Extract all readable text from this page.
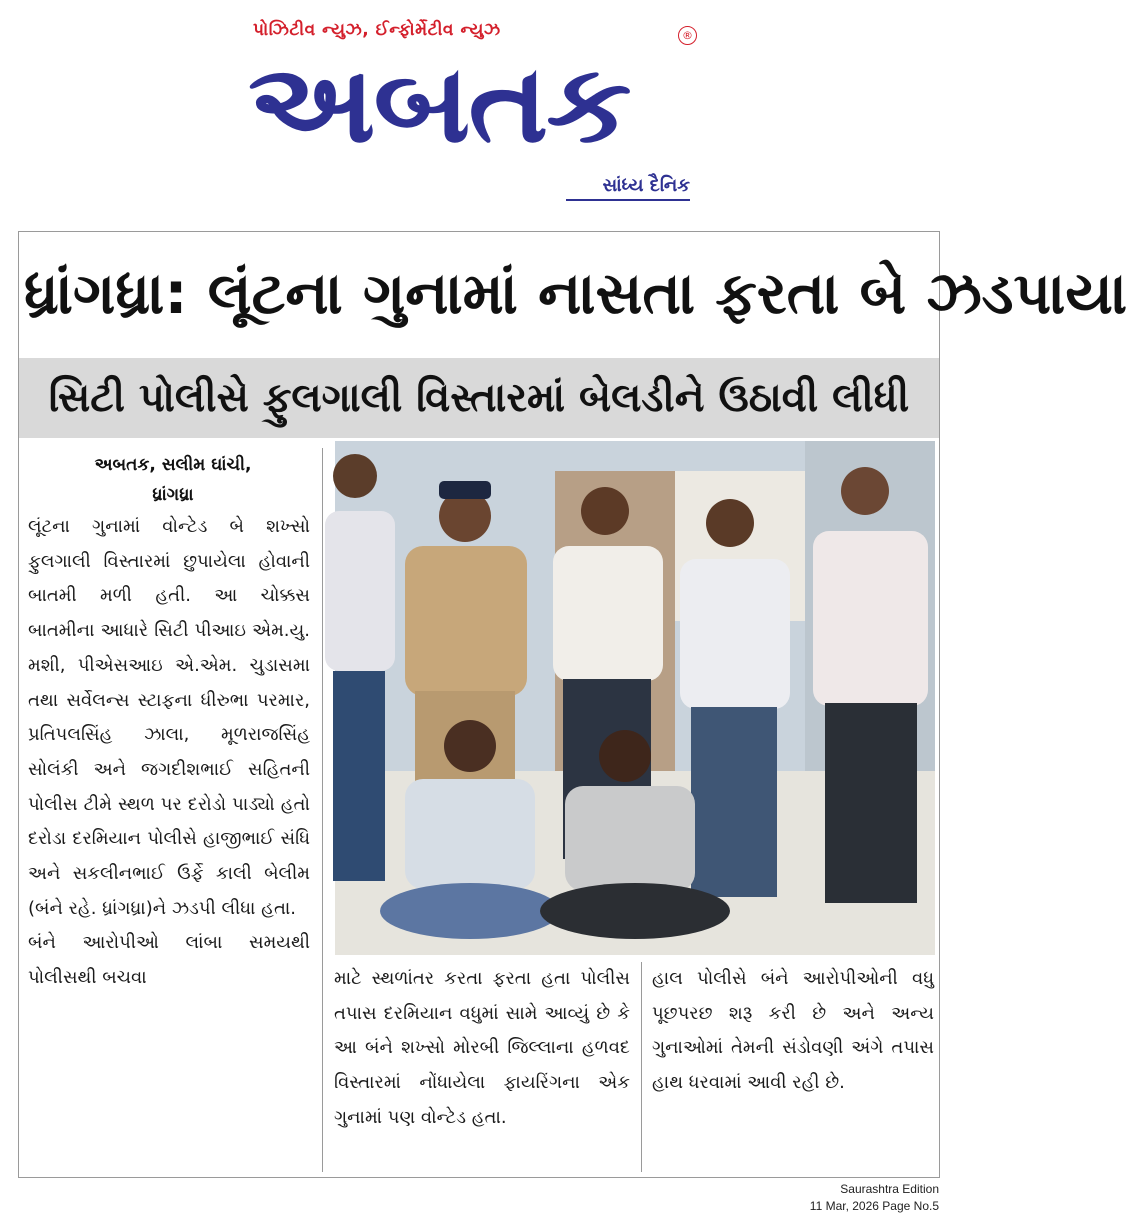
પોઝિટીવ ન્યુઝ, ઈન્ફોર્મેટીવ ન્યુઝ
અબતક
®
સાંધ્ય દૈનિક
ધ્રાંગધ્રા: લૂંટના ગુનામાં નાસતા ફરતા બે ઝડપાયા
સિટી પોલીસે ફુલગાલી વિસ્તારમાં બેલડીને ઉઠાવી લીધી
અબતક, સલીમ ઘાંચી,
ધ્રાંગધ્રા
લૂંટના ગુનામાં વોન્ટેડ બે શખ્સો ફુલગાલી વિસ્તારમાં છુપાયેલા હોવાની બાતમી મળી હતી. આ ચોક્કસ બાતમીના આધારે સિટી પીઆઇ એમ.યુ. મશી, પીએસઆઇ એ.એમ. ચુડાસમા તથા સર્વેલન્સ સ્ટાફના ધીરુભા પરમાર, પ્રતિપલસિંહ ઝાલા, મૂળરાજસિંહ સોલંકી અને જગદીશભાઈ સહિતની પોલીસ ટીમે સ્થળ પર દરોડો પાડ્યો હતો દરોડા દરમિયાન પોલીસે હાજીભાઈ સંધિ અને સકલીનભાઈ ઉર્ફે કાલી બેલીમ (બંને રહે. ધ્રાંગધ્રા)ને ઝડપી લીધા હતા.
બંને આરોપીઓ લાંબા સમયથી પોલીસથી બચવા	માટે સ્થળાંતર કરતા ફરતા હતા પોલીસ તપાસ દરમિયાન વધુમાં સામે આવ્યું છે કે આ બંને શખ્સો મોરબી જિલ્લાના હળવદ વિસ્તારમાં નોંધાયેલા ફાયરિંગના એક ગુનામાં પણ વોન્ટેડ હતા.
હાલ પોલીસે બંને આરોપીઓની વધુ પૂછપરછ શરૂ કરી છે અને અન્ય ગુનાઓમાં તેમની સંડોવણી અંગે તપાસ હાથ ધરવામાં આવી રહી છે.
Saurashtra Edition
11 Mar, 2026 Page No.5
